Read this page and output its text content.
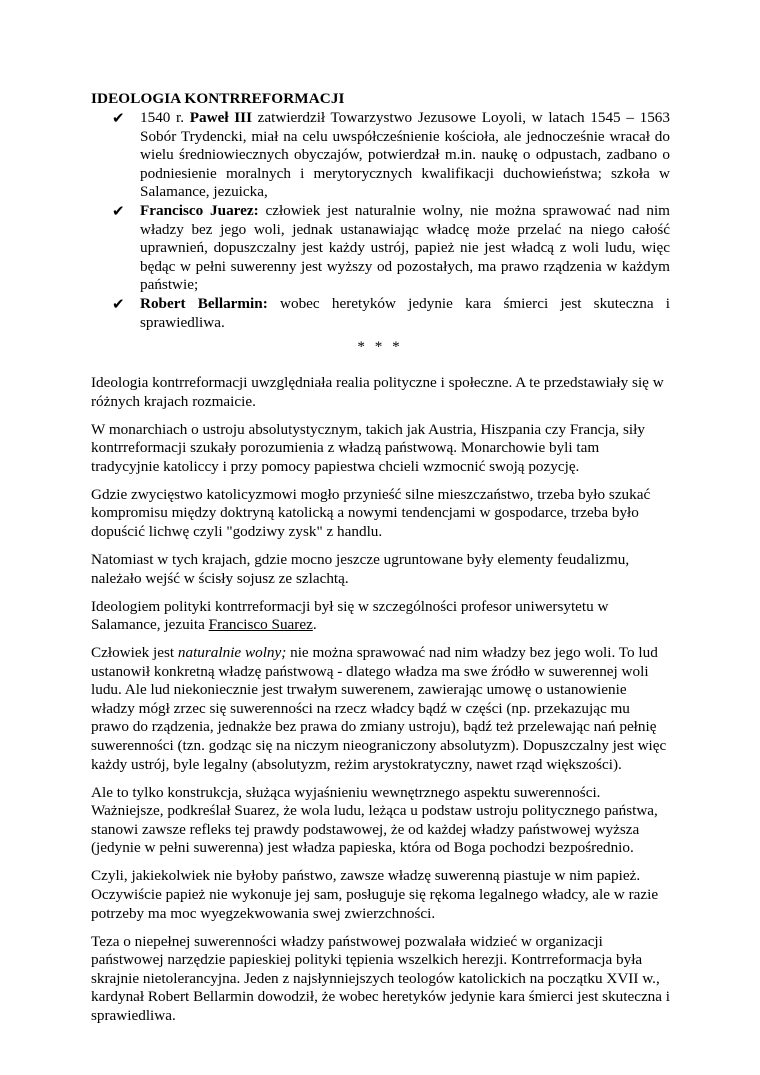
IDEOLOGIA KONTRREFORMACJI
✔ 1540 r. Paweł III zatwierdził Towarzystwo Jezusowe Loyoli, w latach 1545 – 1563 Sobór Trydencki, miał na celu uwspółcześnienie kościoła, ale jednocześnie wracał do wielu średniowiecznych obyczajów, potwierdzał m.in. naukę o odpustach, zadbano o podniesienie moralnych i merytorycznych kwalifikacji duchowieństwa; szkoła w Salamance, jezuicka,
✔ Francisco Juarez: człowiek jest naturalnie wolny, nie można sprawować nad nim władzy bez jego woli, jednak ustanawiając władcę może przelać na niego całość uprawnień, dopuszczalny jest każdy ustrój, papież nie jest władcą z woli ludu, więc będąc w pełni suwerenny jest wyższy od pozostałych, ma prawo rządzenia w każdym państwie;
✔ Robert Bellarmin: wobec heretyków jedynie kara śmierci jest skuteczna i sprawiedliwa.
* * *

Ideologia kontrreformacji uwzględniała realia polityczne i społeczne. A te przedstawiały się w różnych krajach rozmaicie.

W monarchiach o ustroju absolutystycznym, takich jak Austria, Hiszpania czy Francja, siły kontrreformacji szukały porozumienia z władzą państwową. Monarchowie byli tam tradycyjnie katoliccy i przy pomocy papiestwa chcieli wzmocnić swoją pozycję.

Gdzie zwycięstwo katolicyzmowi mogło przynieść silne mieszczaństwo, trzeba było szukać kompromisu między doktryną katolicką a nowymi tendencjami w gospodarce, trzeba było dopuścić lichwę czyli "godziwy zysk" z handlu.

Natomiast w tych krajach, gdzie mocno jeszcze ugruntowane były elementy feudalizmu, należało wejść w ścisły sojusz ze szlachtą.

Ideologiem polityki kontrreformacji był się w szczególności profesor uniwersytetu w Salamance, jezuita Francisco Suarez.

Człowiek jest naturalnie wolny; nie można sprawować nad nim władzy bez jego woli. To lud ustanowił konkretną władzę państwową - dlatego władza ma swe źródło w suwerennej woli ludu. Ale lud niekoniecznie jest trwałym suwerenem, zawierając umowę o ustanowienie władzy mógł zrzec się suwerenności na rzecz władcy bądź w części (np. przekazując mu prawo do rządzenia, jednakże bez prawa do zmiany ustroju), bądź też przelewając nań pełnię suwerenności (tzn. godząc się na niczym nieograniczony absolutyzm). Dopuszczalny jest więc każdy ustrój, byle legalny (absolutyzm, reżim arystokratyczny, nawet rząd większości).

Ale to tylko konstrukcja, służąca wyjaśnieniu wewnętrznego aspektu suwerenności. Ważniejsze, podkreślał Suarez, że wola ludu, leżąca u podstaw ustroju politycznego państwa, stanowi zawsze refleks tej prawdy podstawowej, że od każdej władzy państwowej wyższa (jedynie w pełni suwerenna) jest władza papieska, która od Boga pochodzi bezpośrednio.

Czyli, jakiekolwiek nie byłoby państwo, zawsze władzę suwerenną piastuje w nim papież. Oczywiście papież nie wykonuje jej sam, posługuje się rękoma legalnego władcy, ale w razie potrzeby ma moc wyegzekwowania swej zwierzchności.

Teza o niepełnej suwerenności władzy państwowej pozwalała widzieć w organizacji państwowej narzędzie papieskiej polityki tępienia wszelkich herezji. Kontrreformacja była skrajnie nietolerancyjna. Jeden z najsłynniejszych teologów katolickich na początku XVII w., kardynał Robert Bellarmin dowodził, że wobec heretyków jedynie kara śmierci jest skuteczna i sprawiedliwa.
